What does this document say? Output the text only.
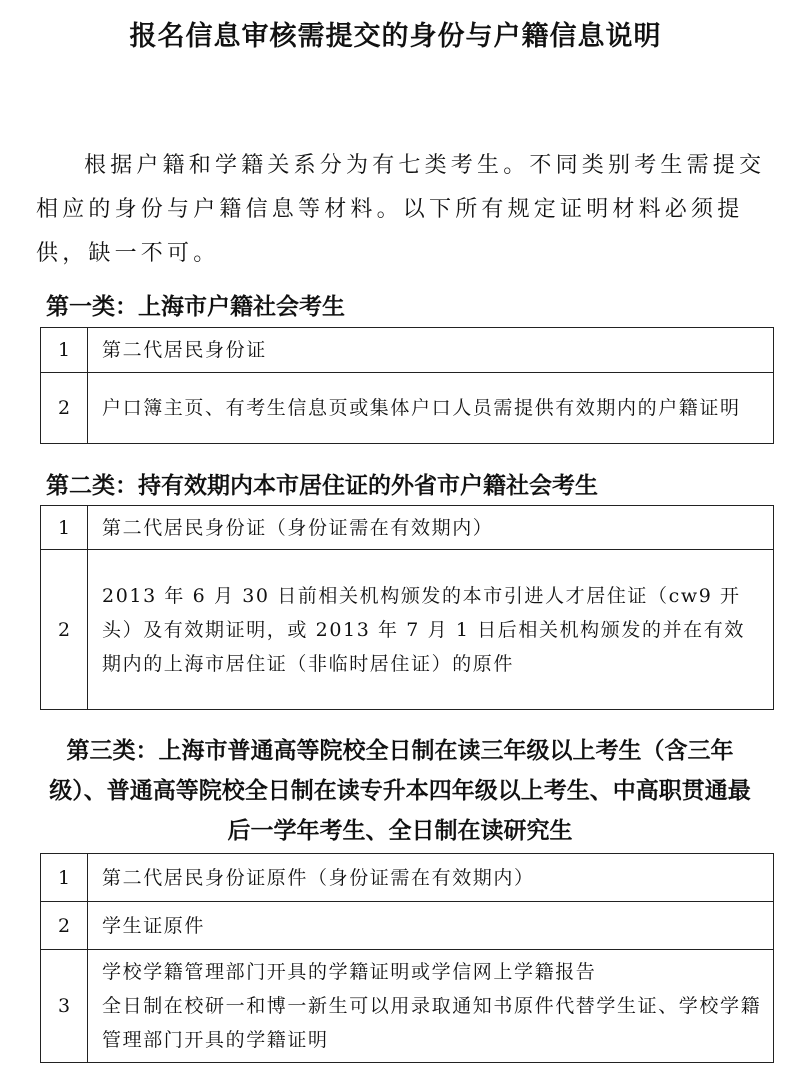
报名信息审核需提交的身份与户籍信息说明

根据户籍和学籍关系分为有七类考生。不同类别考生需提交相应的身份与户籍信息等材料。以下所有规定证明材料必须提供，缺一不可。

第一类：上海市户籍社会考生
1	第二代居民身份证
2	户口簿主页、有考生信息页或集体户口人员需提供有效期内的户籍证明
第二类：持有效期内本市居住证的外省市户籍社会考生
1	第二代居民身份证（身份证需在有效期内）
2	2013 年 6 月 30 日前相关机构颁发的本市引进人才居住证（cw9 开头）及有效期证明，或 2013 年 7 月 1 日后相关机构颁发的并在有效期内的上海市居住证（非临时居住证）的原件
第三类：上海市普通高等院校全日制在读三年级以上考生（含三年级）、普通高等院校全日制在读专升本四年级以上考生、中高职贯通最后一学年考生、全日制在读研究生
1	第二代居民身份证原件（身份证需在有效期内）
2	学生证原件
3	学校学籍管理部门开具的学籍证明或学信网上学籍报告
全日制在校研一和博一新生可以用录取通知书原件代替学生证、学校学籍管理部门开具的学籍证明
